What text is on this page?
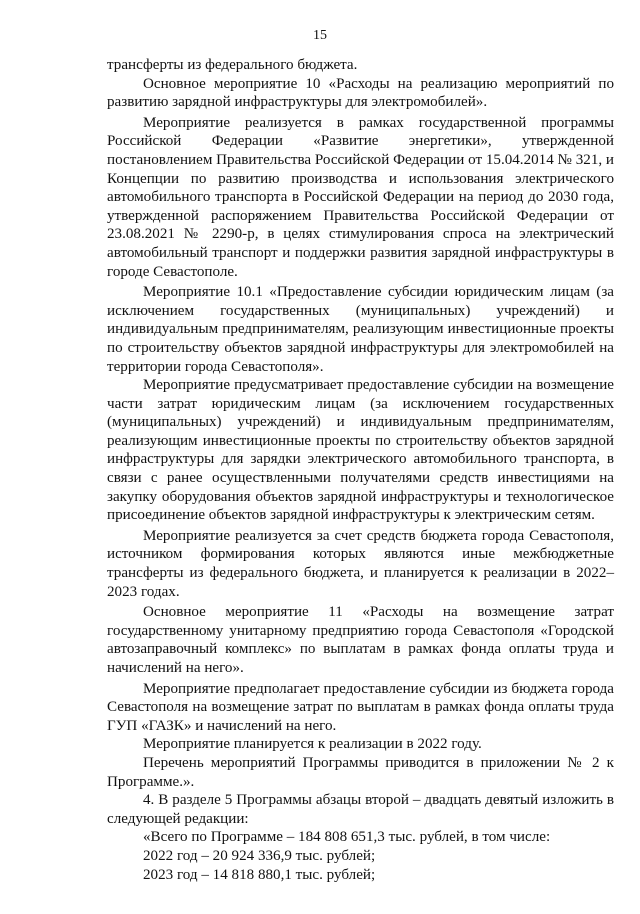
15

трансферты из федерального бюджета.

Основное мероприятие 10 «Расходы на реализацию мероприятий по развитию зарядной инфраструктуры для электромобилей».

Мероприятие реализуется в рамках государственной программы Российской Федерации «Развитие энергетики», утвержденной постановлением Правительства Российской Федерации от 15.04.2014 № 321, и Концепции по развитию производства и использования электрического автомобильного транспорта в Российской Федерации на период до 2030 года, утвержденной распоряжением Правительства Российской Федерации от 23.08.2021 № 2290-р, в целях стимулирования спроса на электрический автомобильный транспорт и поддержки развития зарядной инфраструктуры в городе Севастополе.

Мероприятие 10.1 «Предоставление субсидии юридическим лицам (за исключением государственных (муниципальных) учреждений) и индивидуальным предпринимателям, реализующим инвестиционные проекты по строительству объектов зарядной инфраструктуры для электромобилей на территории города Севастополя».

Мероприятие предусматривает предоставление субсидии на возмещение части затрат юридическим лицам (за исключением государственных (муниципальных) учреждений) и индивидуальным предпринимателям, реализующим инвестиционные проекты по строительству объектов зарядной инфраструктуры для зарядки электрического автомобильного транспорта, в связи с ранее осуществленными получателями средств инвестициями на закупку оборудования объектов зарядной инфраструктуры и технологическое присоединение объектов зарядной инфраструктуры к электрическим сетям.

Мероприятие реализуется за счет средств бюджета города Севастополя, источником формирования которых являются иные межбюджетные трансферты из федерального бюджета, и планируется к реализации в 2022–2023 годах.

Основное мероприятие 11 «Расходы на возмещение затрат государственному унитарному предприятию города Севастополя «Городской автозаправочный комплекс» по выплатам в рамках фонда оплаты труда и начислений на него».

Мероприятие предполагает предоставление субсидии из бюджета города Севастополя на возмещение затрат по выплатам в рамках фонда оплаты труда ГУП «ГАЗК» и начислений на него.

Мероприятие планируется к реализации в 2022 году.

Перечень мероприятий Программы приводится в приложении № 2 к Программе.».

4. В разделе 5 Программы абзацы второй – двадцать девятый изложить в следующей редакции:

«Всего по Программе – 184 808 651,3 тыс. рублей, в том числе:

2022 год – 20 924 336,9 тыс. рублей;

2023 год – 14 818 880,1 тыс. рублей;
